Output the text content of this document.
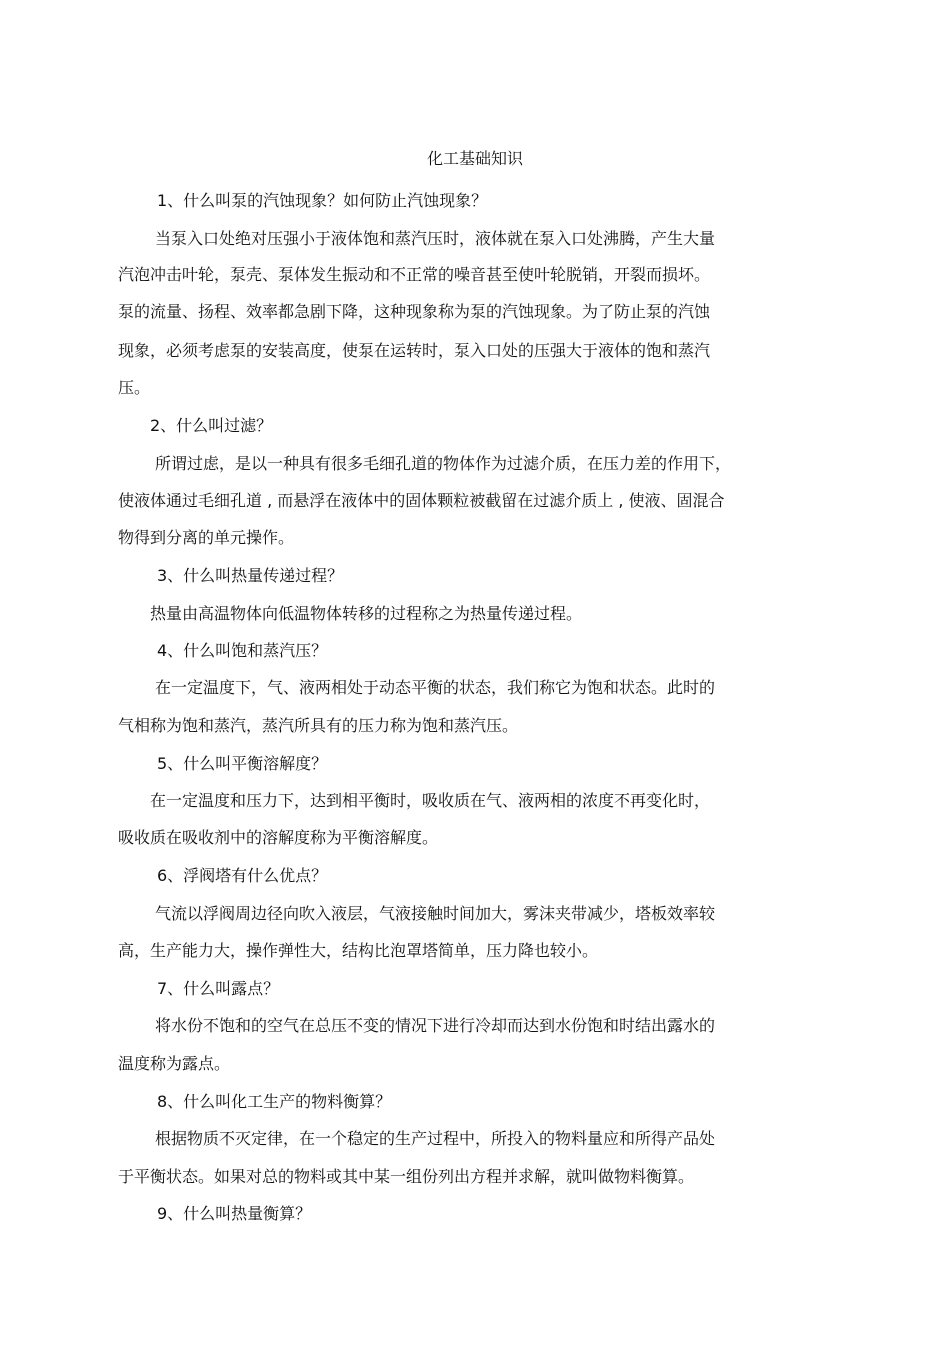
化工基础知识
1、什么叫泵的汽蚀现象？如何防止汽蚀现象？
当泵入口处绝对压强小于液体饱和蒸汽压时，液体就在泵入口处沸腾，产生大量
汽泡冲击叶轮，泵壳、泵体发生振动和不正常的噪音甚至使叶轮脱销，开裂而损坏。
泵的流量、扬程、效率都急剧下降，这种现象称为泵的汽蚀现象。为了防止泵的汽蚀
现象，必须考虑泵的安装高度，使泵在运转时，泵入口处的压强大于液体的饱和蒸汽
压。
2、什么叫过滤？
所谓过虑，是以一种具有很多毛细孔道的物体作为过滤介质，在压力差的作用下，
使液体通过毛细孔道 , 而悬浮在液体中的固体颗粒被截留在过滤介质上 , 使液、固混合
物得到分离的单元操作。
3、什么叫热量传递过程？
热量由高温物体向低温物体转移的过程称之为热量传递过程。
4、什么叫饱和蒸汽压？
在一定温度下，气、液两相处于动态平衡的状态，我们称它为饱和状态。此时的
气相称为饱和蒸汽，蒸汽所具有的压力称为饱和蒸汽压。
5、什么叫平衡溶解度？
在一定温度和压力下，达到相平衡时，吸收质在气、液两相的浓度不再变化时，
吸收质在吸收剂中的溶解度称为平衡溶解度。
6、浮阀塔有什么优点？
气流以浮阀周边径向吹入液层，气液接触时间加大，雾沫夹带减少，塔板效率较
高，生产能力大，操作弹性大，结构比泡罩塔简单，压力降也较小。
7、什么叫露点？
将水份不饱和的空气在总压不变的情况下进行冷却而达到水份饱和时结出露水的
温度称为露点。
8、什么叫化工生产的物料衡算？
根据物质不灭定律，在一个稳定的生产过程中，所投入的物料量应和所得产品处
于平衡状态。如果对总的物料或其中某一组份列出方程并求解，就叫做物料衡算。
9、什么叫热量衡算？
